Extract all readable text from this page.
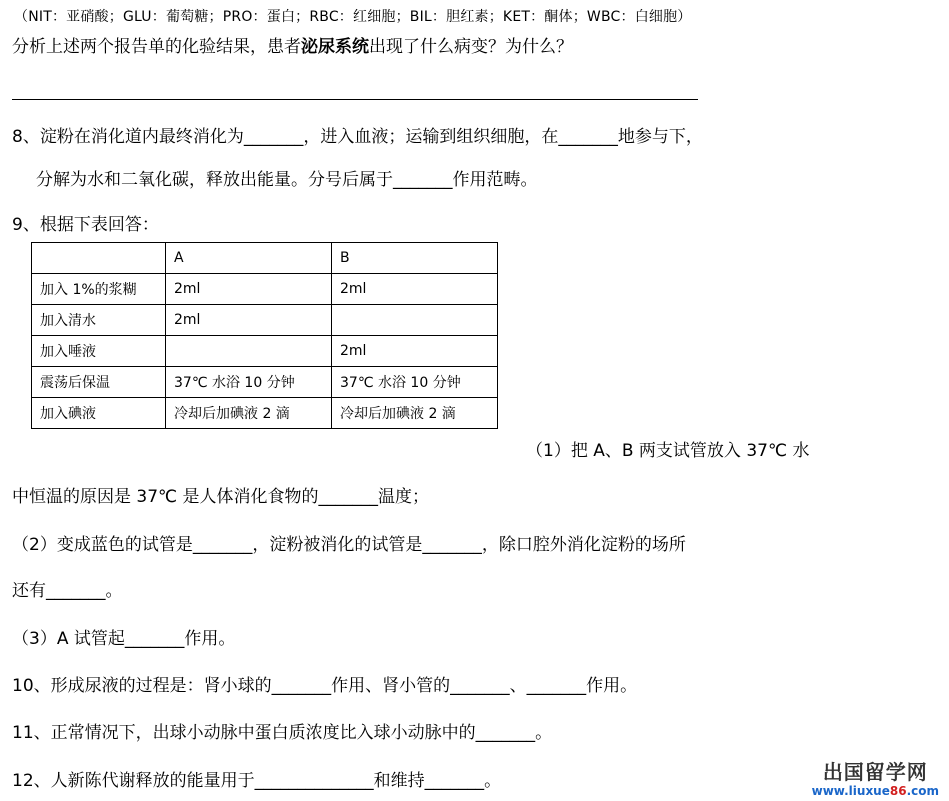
（NIT：亚硝酸；GLU：葡萄糖；PRO：蛋白；RBC：红细胞；BIL：胆红素；KET：酮体；WBC：白细胞）
分析上述两个报告单的化验结果，患者泌尿系统出现了什么病变？为什么？
8、淀粉在消化道内最终消化为_______，进入血液；运输到组织细胞，在_______地参与下，
分解为水和二氧化碳，释放出能量。分号后属于_______作用范畴。
9、根据下表回答：
	A	B
加入 1%的浆糊	2ml	2ml
加入清水	2ml	
加入唾液		2ml
震荡后保温	37℃ 水浴 10 分钟	37℃ 水浴 10 分钟
加入碘液	冷却后加碘液 2 滴	冷却后加碘液 2 滴
（1）把 A、B 两支试管放入 37℃ 水
中恒温的原因是 37℃ 是人体消化食物的_______温度；
（2）变成蓝色的试管是_______，淀粉被消化的试管是_______，除口腔外消化淀粉的场所
还有_______。
（3）A 试管起_______作用。
10、形成尿液的过程是：肾小球的_______作用、肾小管的_______、_______作用。
11、正常情况下，出球小动脉中蛋白质浓度比入球小动脉中的_______。
12、人新陈代谢释放的能量用于______________和维持_______。	出国留学网
www.liuxue86.com
